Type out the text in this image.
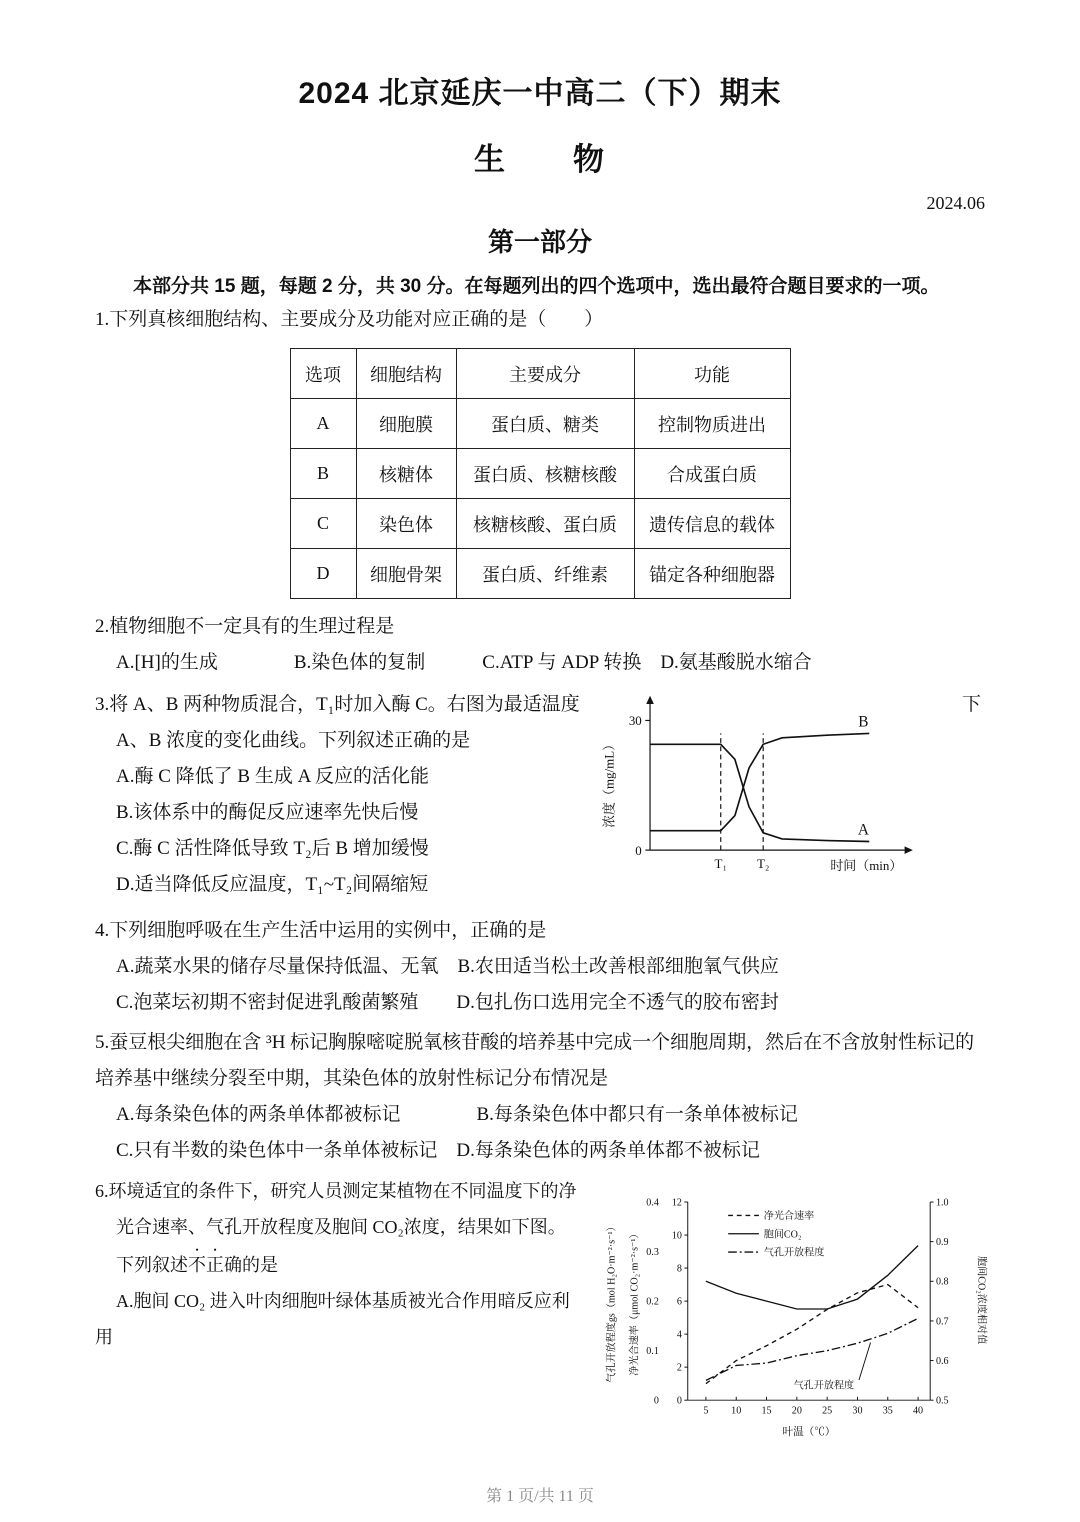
2024 北京延庆一中高二（下）期末
生　　物
2024.06
第一部分

本部分共 15 题，每题 2 分，共 30 分。在每题列出的四个选项中，选出最符合题目要求的一项。

1.下列真核细胞结构、主要成分及功能对应正确的是（　　）

选项	细胞结构	主要成分	功能
A	细胞膜	蛋白质、糖类	控制物质进出
B	核糖体	蛋白质、核糖核酸	合成蛋白质
C	染色体	核糖核酸、蛋白质	遗传信息的载体
D	细胞骨架	蛋白质、纤维素	锚定各种细胞器

2.植物细胞不一定具有的生理过程是

A.[H]的生成　　　　B.染色体的复制　　　C.ATP 与 ADP 转换　D.氨基酸脱水缩合

3.将 A、B 两种物质混合，T₁时加入酶 C。右图为最适温度	下

A、B 浓度的变化曲线。下列叙述正确的是

A.酶 C 降低了 B 生成 A 反应的活化能

B.该体系中的酶促反应速率先快后慢

C.酶 C 活性降低导致 T₂后 B 增加缓慢

D.适当降低反应温度，T₁~T₂间隔缩短

浓度（mg/mL）
时间（min）
30
0
T₁	T₂
A
B

4.下列细胞呼吸在生产生活中运用的实例中，正确的是

A.蔬菜水果的储存尽量保持低温、无氧　B.农田适当松土改善根部细胞氧气供应

C.泡菜坛初期不密封促进乳酸菌繁殖　　D.包扎伤口选用完全不透气的胶布密封

5.蚕豆根尖细胞在含 ³H 标记胸腺嘧啶脱氧核苷酸的培养基中完成一个细胞周期，然后在不含放射性标记的

培养基中继续分裂至中期，其染色体的放射性标记分布情况是

A.每条染色体的两条单体都被标记　　　　B.每条染色体中都只有一条单体被标记

C.只有半数的染色体中一条单体被标记　D.每条染色体的两条单体都不被标记

6.环境适宜的条件下，研究人员测定某植物在不同温度下的净

光合速率、气孔开放程度及胞间 CO₂浓度，结果如下图。

下列叙述不正确的是

A.胞间 CO₂ 进入叶肉细胞叶绿体基质被光合作用暗反应利

用	气孔开放程度gs（mol H₂O·m⁻²·s⁻¹） 净光合速率（μmol CO₂·m⁻²·s⁻¹）	胞间CO₂浓度相对值
叶温（℃）
0
0.1
0.2
0.3
0.4
0
2
4
6
8
10
12
0.5
0.6
0.7
0.8
0.9
1.0
5 10 15 20 25 30 35 40
净光合速率
胞间CO₂
气孔开放程度
气孔开放程度
第 1 页/共 11 页
